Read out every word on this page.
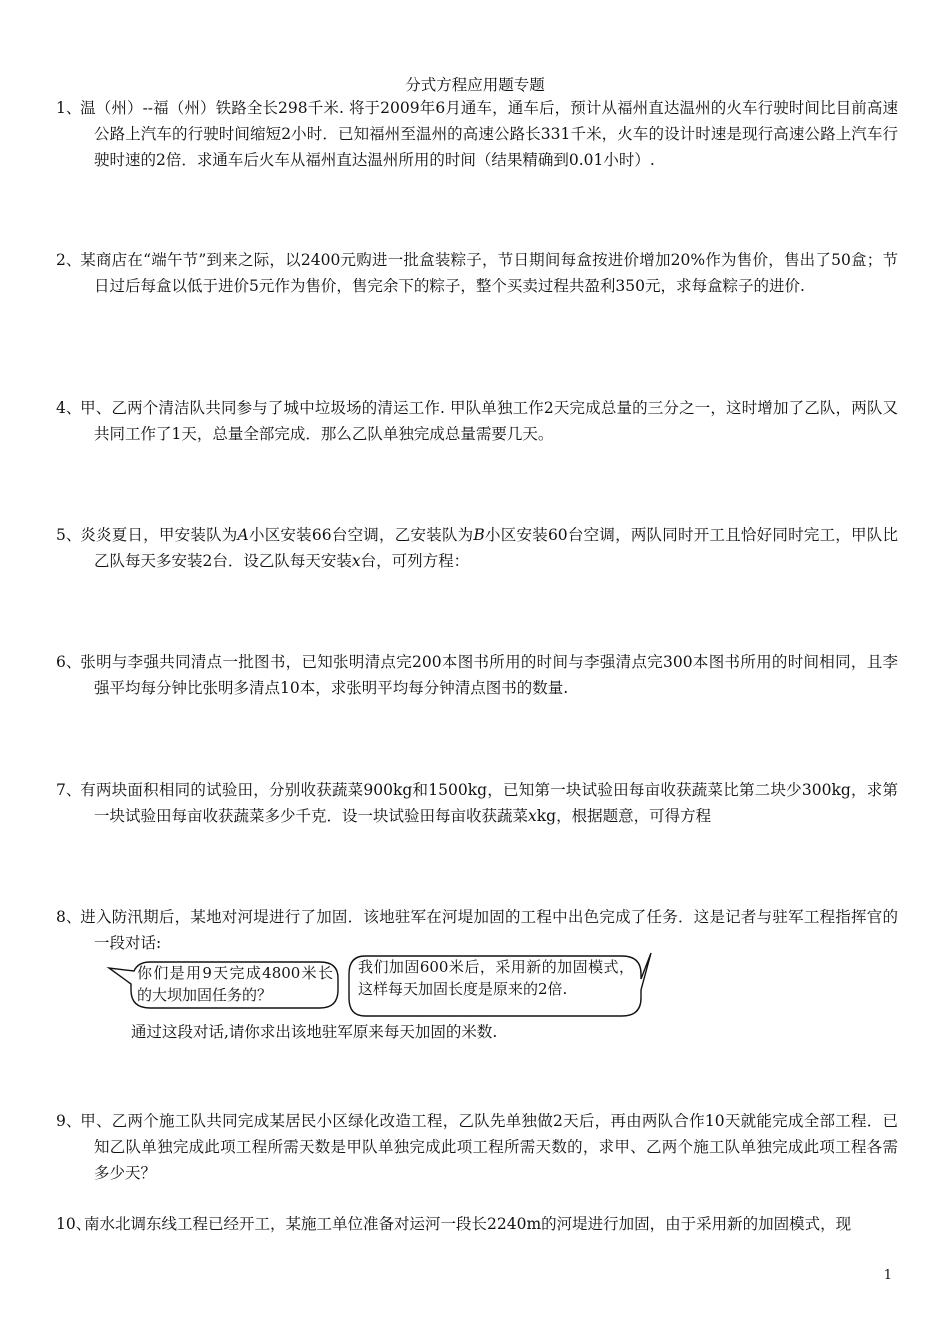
分式方程应用题专题

1、温（州）--福（州）铁路全长298千米. 将于2009年6月通车，通车后，预计从福州直达温州的火车行驶时间比目前高速公路上汽车的行驶时间缩短2小时．已知福州至温州的高速公路长331千米，火车的设计时速是现行高速公路上汽车行驶时速的2倍．求通车后火车从福州直达温州所用的时间（结果精确到0.01小时）.

2、某商店在“端午节”到来之际，以2400元购进一批盒装粽子，节日期间每盒按进价增加20%作为售价，售出了50盒；节日过后每盒以低于进价5元作为售价，售完余下的粽子，整个买卖过程共盈利350元，求每盒粽子的进价.

4、甲、乙两个清洁队共同参与了城中垃圾场的清运工作. 甲队单独工作2天完成总量的三分之一，这时增加了乙队，两队又共同工作了1天，总量全部完成．那么乙队单独完成总量需要几天。

5、炎炎夏日，甲安装队为A小区安装66台空调，乙安装队为B小区安装60台空调，两队同时开工且恰好同时完工，甲队比乙队每天多安装2台．设乙队每天安装x台，可列方程：

6、张明与李强共同清点一批图书，已知张明清点完200本图书所用的时间与李强清点完300本图书所用的时间相同，且李强平均每分钟比张明多清点10本，求张明平均每分钟清点图书的数量.

7、有两块面积相同的试验田，分别收获蔬菜900kg和1500kg，已知第一块试验田每亩收获蔬菜比第二块少300kg，求第一块试验田每亩收获蔬菜多少千克．设一块试验田每亩收获蔬菜xkg，根据题意，可得方程

8、进入防汛期后，某地对河堤进行了加固．该地驻军在河堤加固的工程中出色完成了任务．这是记者与驻军工程指挥官的一段对话:

你们是用9天完成4800米长的大坝加固任务的？
我们加固600米后，采用新的加固模式，这样每天加固长度是原来的2倍.
通过这段对话,请你求出该地驻军原来每天加固的米数.

9、甲、乙两个施工队共同完成某居民小区绿化改造工程，乙队先单独做2天后，再由两队合作10天就能完成全部工程．已知乙队单独完成此项工程所需天数是甲队单独完成此项工程所需天数的，求甲、乙两个施工队单独完成此项工程各需多少天？

10、南水北调东线工程已经开工，某施工单位准备对运河一段长2240m的河堤进行加固，由于采用新的加固模式，现

1
